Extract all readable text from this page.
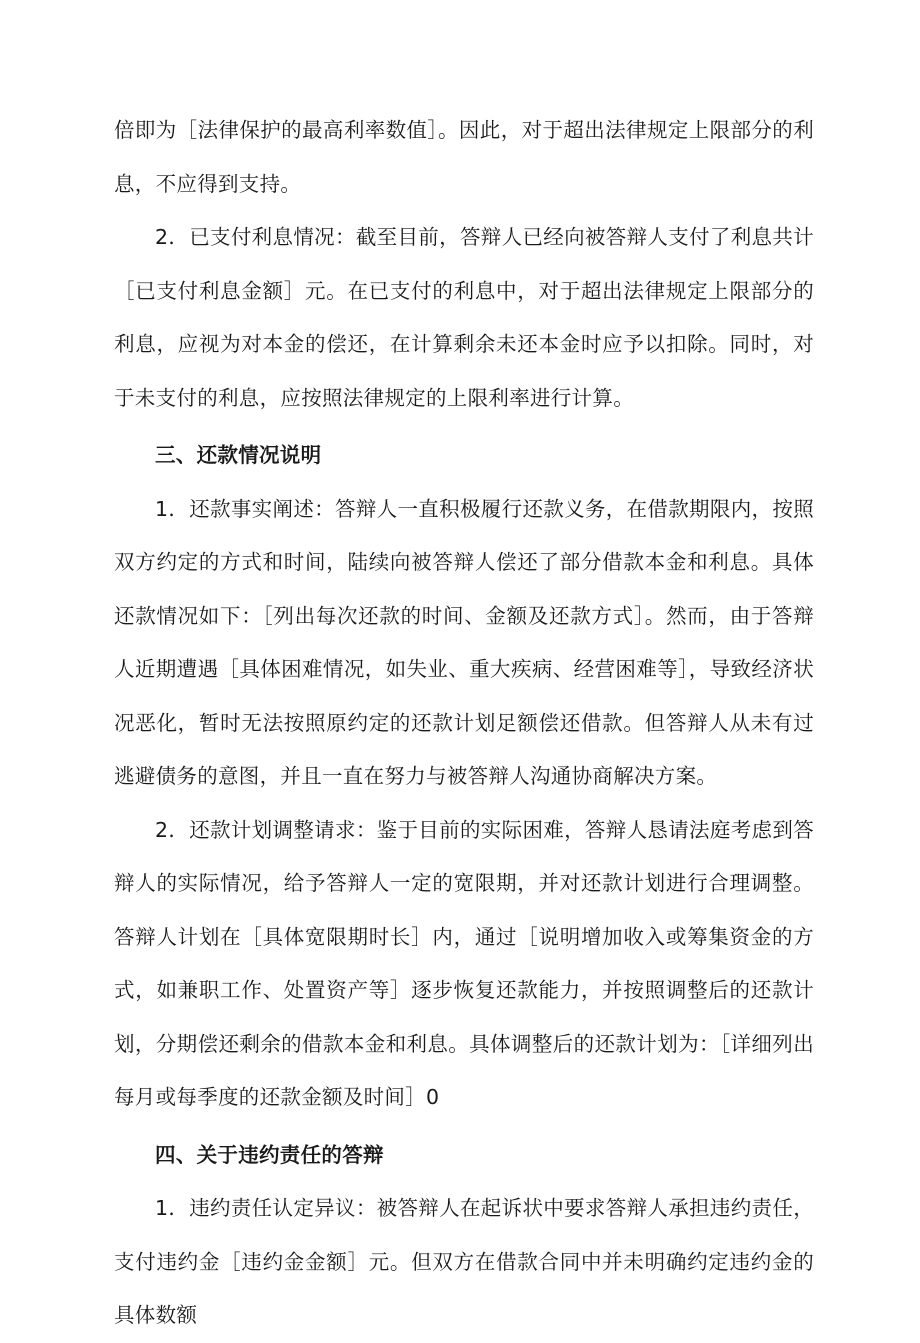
倍即为［法律保护的最高利率数值］。因此，对于超出法律规定上限部分的利息，不应得到支持。

2．已支付利息情况：截至目前，答辩人已经向被答辩人支付了利息共计［已支付利息金额］元。在已支付的利息中，对于超出法律规定上限部分的利息，应视为对本金的偿还，在计算剩余未还本金时应予以扣除。同时，对于未支付的利息，应按照法律规定的上限利率进行计算。

三、还款情况说明

1．还款事实阐述：答辩人一直积极履行还款义务，在借款期限内，按照双方约定的方式和时间，陆续向被答辩人偿还了部分借款本金和利息。具体还款情况如下：［列出每次还款的时间、金额及还款方式］。然而，由于答辩人近期遭遇［具体困难情况，如失业、重大疾病、经营困难等］，导致经济状况恶化，暂时无法按照原约定的还款计划足额偿还借款。但答辩人从未有过逃避债务的意图，并且一直在努力与被答辩人沟通协商解决方案。

2．还款计划调整请求：鉴于目前的实际困难，答辩人恳请法庭考虑到答辩人的实际情况，给予答辩人一定的宽限期，并对还款计划进行合理调整。答辩人计划在［具体宽限期时长］内，通过［说明增加收入或筹集资金的方式，如兼职工作、处置资产等］逐步恢复还款能力，并按照调整后的还款计划，分期偿还剩余的借款本金和利息。具体调整后的还款计划为：［详细列出每月或每季度的还款金额及时间］0

四、关于违约责任的答辩

1．违约责任认定异议：被答辩人在起诉状中要求答辩人承担违约责任，支付违约金［违约金金额］元。但双方在借款合同中并未明确约定违约金的具体数额
